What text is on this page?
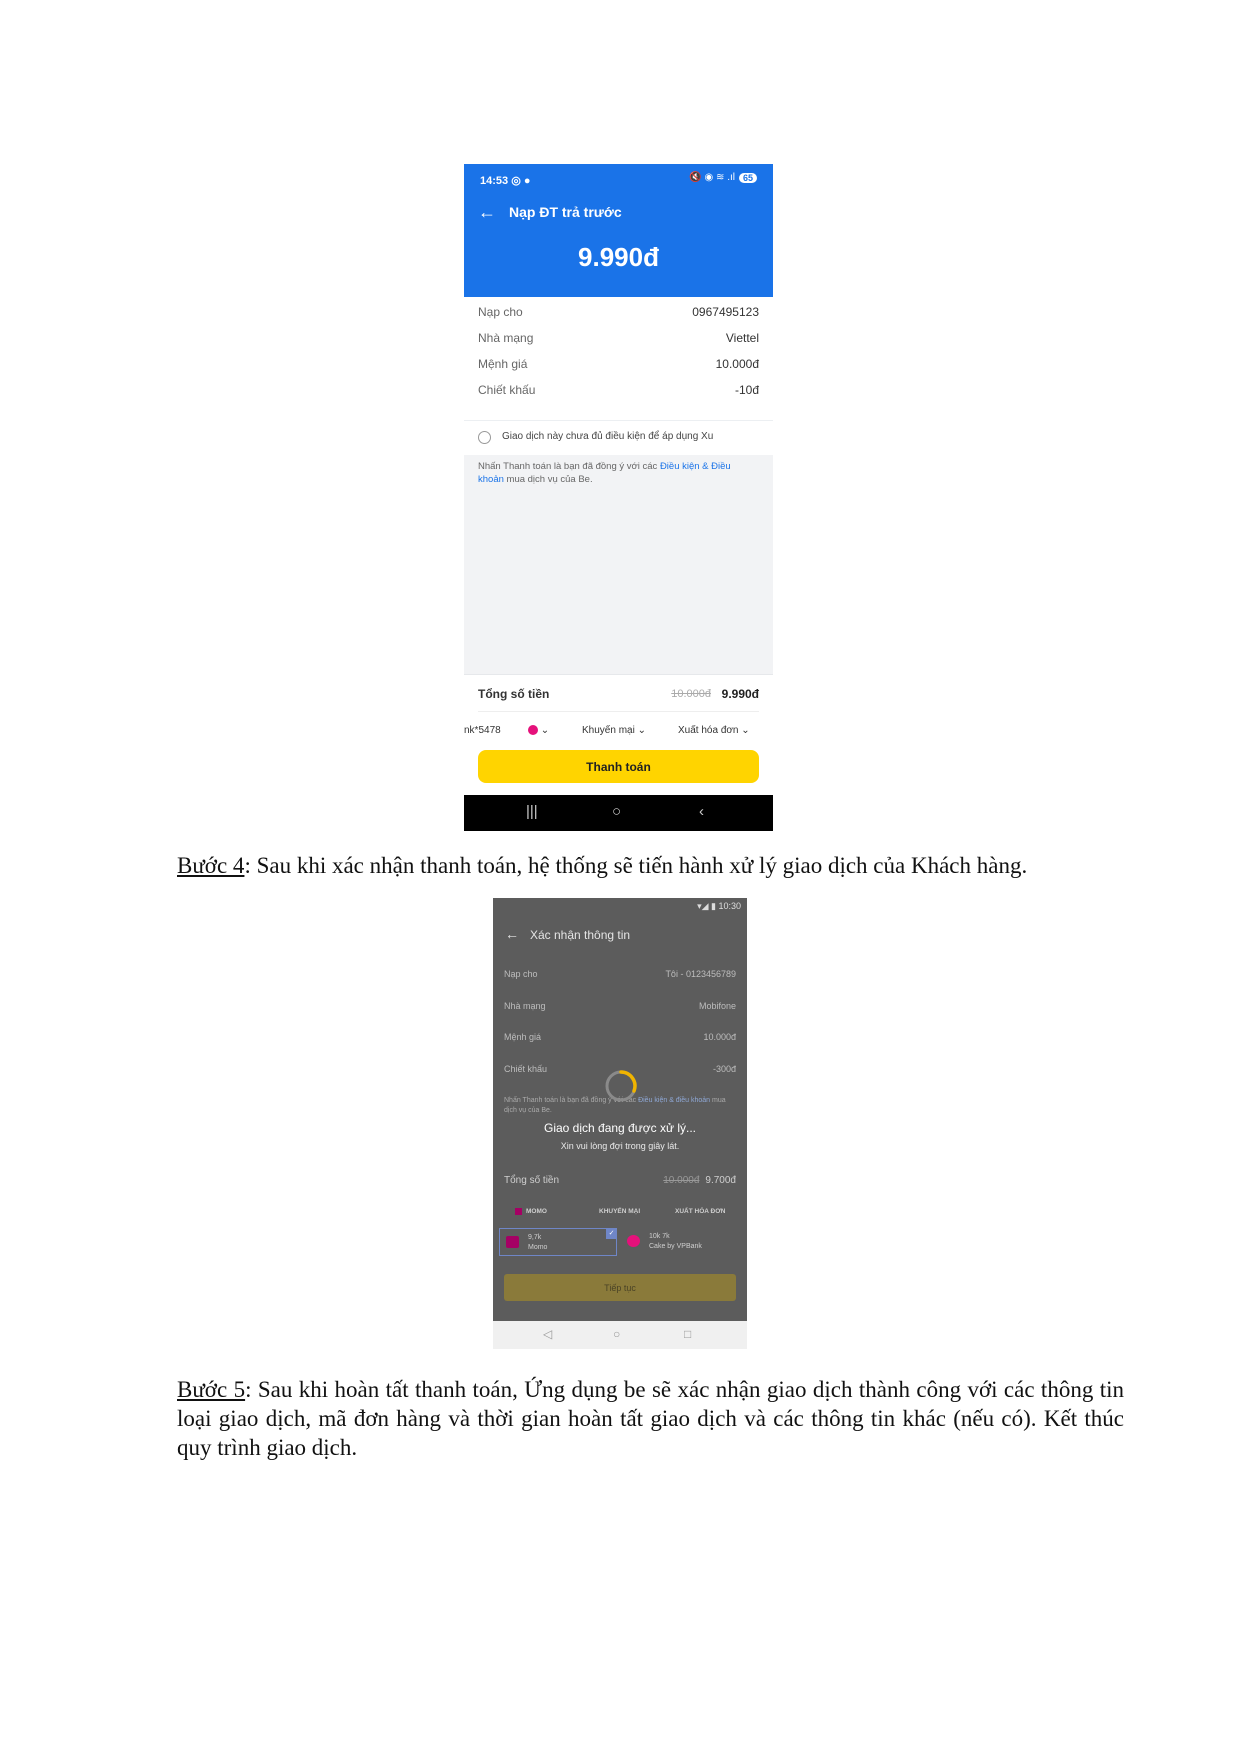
14:53 ◎ ●	🔇 ◉ ≋ .ıl 65
← Nạp ĐT trả trước
9.990đ
Nạp cho	0967495123
Nhà mạng	Viettel
Mệnh giá	10.000đ
Chiết khấu	-10đ
Giao dịch này chưa đủ điều kiện để áp dụng Xu
Nhấn Thanh toán là bạn đã đồng ý với các Điều kiện & Điều khoản mua dịch vụ của Be.
Tổng số tiền	10.000đ 9.990đ
nk*5478	⌄	Khuyến mại ⌄	Xuất hóa đơn ⌄
Thanh toán
|||	○	‹
Bước 4: Sau khi xác nhận thanh toán, hệ thống sẽ tiến hành xử lý giao dịch của Khách hàng.
▾◢ ▮ 10:30
← Xác nhận thông tin
Nạp cho	Tôi - 0123456789
Nhà mạng	Mobifone
Mệnh giá	10.000đ
Chiết khấu	-300đ
Nhấn Thanh toán là bạn đã đồng ý với các Điều kiện & điều khoản mua dịch vụ của Be.
Tổng số tiền	10.000đ 9.700đ
MOMO	KHUYẾN MẠI	XUẤT HÓA ĐƠN
9,7k
Momo
✓	10k 7k
Cake by VPBank
Tiếp tục
◁	○	□
Giao dịch đang được xử lý...
Xin vui lòng đợi trong giây lát.
Bước 5: Sau khi hoàn tất thanh toán, Ứng dụng be sẽ xác nhận giao dịch thành công với các thông tin loại giao dịch, mã đơn hàng và thời gian hoàn tất giao dịch và các thông tin khác (nếu có). Kết thúc quy trình giao dịch.
